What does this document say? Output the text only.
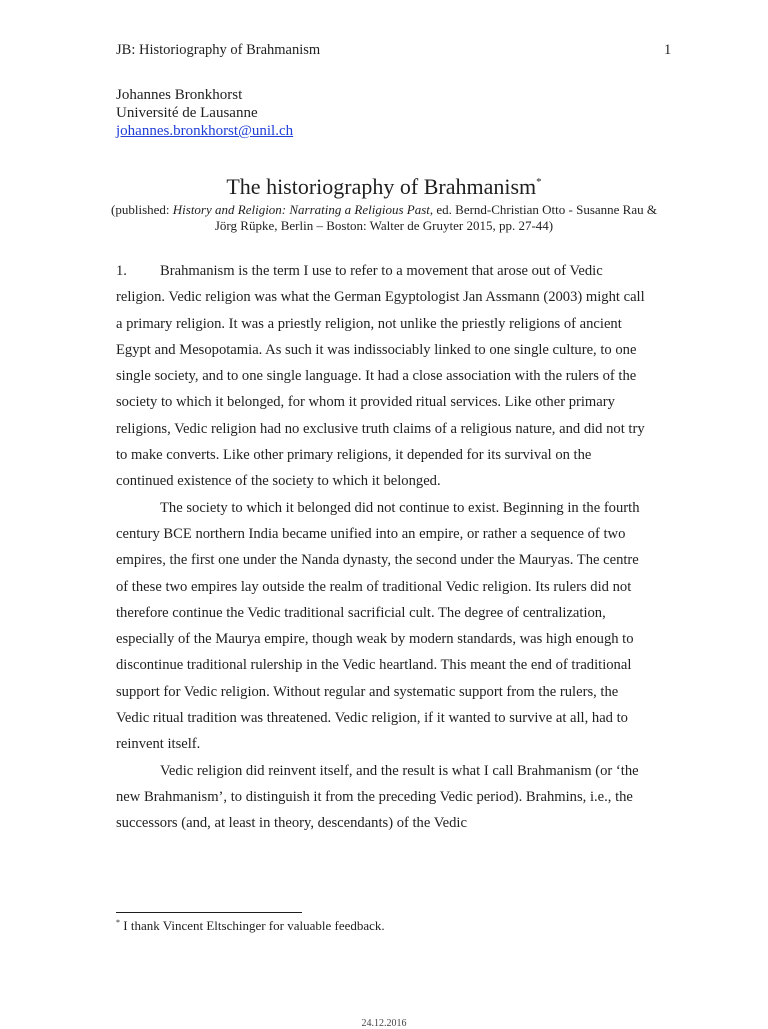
JB: Historiography of Brahmanism	1
Johannes Bronkhorst
Université de Lausanne
johannes.bronkhorst@unil.ch
The historiography of Brahmanism*
(published: History and Religion: Narrating a Religious Past, ed. Bernd-Christian Otto - Susanne Rau & Jörg Rüpke, Berlin – Boston: Walter de Gruyter 2015, pp. 27-44)

1. Brahmanism is the term I use to refer to a movement that arose out of Vedic religion. Vedic religion was what the German Egyptologist Jan Assmann (2003) might call a primary religion. It was a priestly religion, not unlike the priestly religions of ancient Egypt and Mesopotamia. As such it was indissociably linked to one single culture, to one single society, and to one single language. It had a close association with the rulers of the society to which it belonged, for whom it provided ritual services. Like other primary religions, Vedic religion had no exclusive truth claims of a religious nature, and did not try to make converts. Like other primary religions, it depended for its survival on the continued existence of the society to which it belonged.

The society to which it belonged did not continue to exist. Beginning in the fourth century BCE northern India became unified into an empire, or rather a sequence of two empires, the first one under the Nanda dynasty, the second under the Mauryas. The centre of these two empires lay outside the realm of traditional Vedic religion. Its rulers did not therefore continue the Vedic traditional sacrificial cult. The degree of centralization, especially of the Maurya empire, though weak by modern standards, was high enough to discontinue traditional rulership in the Vedic heartland. This meant the end of traditional support for Vedic religion. Without regular and systematic support from the rulers, the Vedic ritual tradition was threatened. Vedic religion, if it wanted to survive at all, had to reinvent itself.

Vedic religion did reinvent itself, and the result is what I call Brahmanism (or ‘the new Brahmanism’, to distinguish it from the preceding Vedic period). Brahmins, i.e., the successors (and, at least in theory, descendants) of the Vedic

* I thank Vincent Eltschinger for valuable feedback.
24.12.2016
